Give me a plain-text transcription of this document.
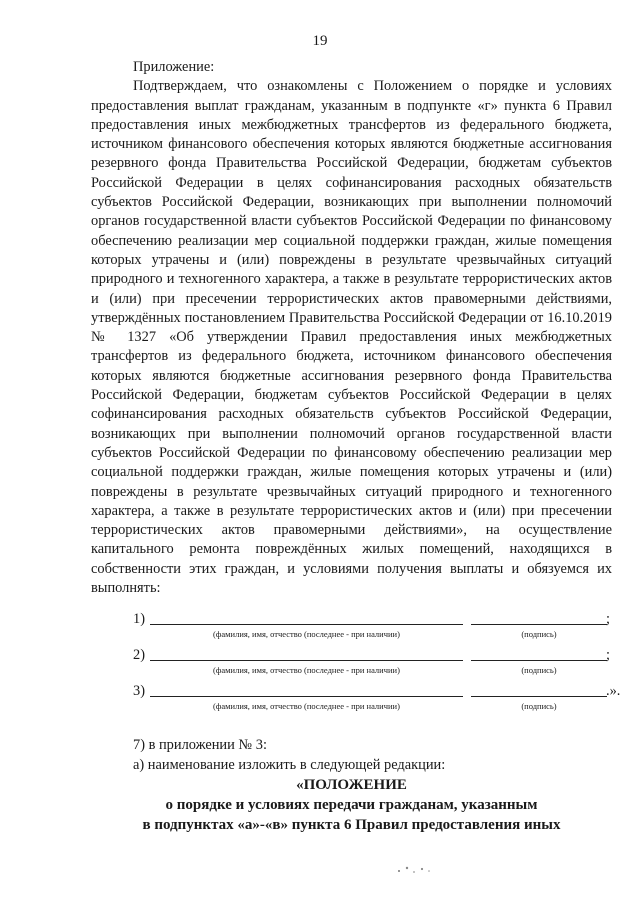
19
Приложение:

Подтверждаем, что ознакомлены с Положением о порядке и условиях предоставления выплат гражданам, указанным в подпункте «г» пункта 6 Правил предоставления иных межбюджетных трансфертов из федерального бюджета, источником финансового обеспечения которых являются бюджетные ассигнования резервного фонда Правительства Российской Федерации, бюджетам субъектов Российской Федерации в целях софинансирования расходных обязательств субъектов Российской Федерации, возникающих при выполнении полномочий органов государственной власти субъектов Российской Федерации по финансовому обеспечению реализации мер социальной поддержки граждан, жилые помещения которых утрачены и (или) повреждены в результате чрезвычайных ситуаций природного и техногенного характера, а также в результате террористических актов и (или) при пресечении террористических актов правомерными действиями, утверждённых постановлением Правительства Российской Федерации от 16.10.2019 № 1327 «Об утверждении Правил предоставления иных межбюджетных трансфертов из федерального бюджета, источником финансового обеспечения которых являются бюджетные ассигнования резервного фонда Правительства Российской Федерации, бюджетам субъектов Российской Федерации в целях софинансирования расходных обязательств субъектов Российской Федерации, возникающих при выполнении полномочий органов государственной власти субъектов Российской Федерации по финансовому обеспечению реализации мер социальной поддержки граждан, жилые помещения которых утрачены и (или) повреждены в результате чрезвычайных ситуаций природного и техногенного характера, а также в результате террористических актов и (или) при пресечении террористических актов правомерными действиями», на осуществление капитального ремонта повреждённых жилых помещений, находящихся в собственности этих граждан, и условиями получения выплаты и обязуемся их выполнять:

1)	;
(фамилия, имя, отчество (последнее - при наличии)	(подпись)
2)	;
(фамилия, имя, отчество (последнее - при наличии)	(подпись)
3)	.».
(фамилия, имя, отчество (последнее - при наличии)	(подпись)
7) в приложении № 3:
а) наименование изложить в следующей редакции:
«ПОЛОЖЕНИЕ
о порядке и условиях передачи гражданам, указанным
в подпунктах «а»-«в» пункта 6 Правил предоставления иных
